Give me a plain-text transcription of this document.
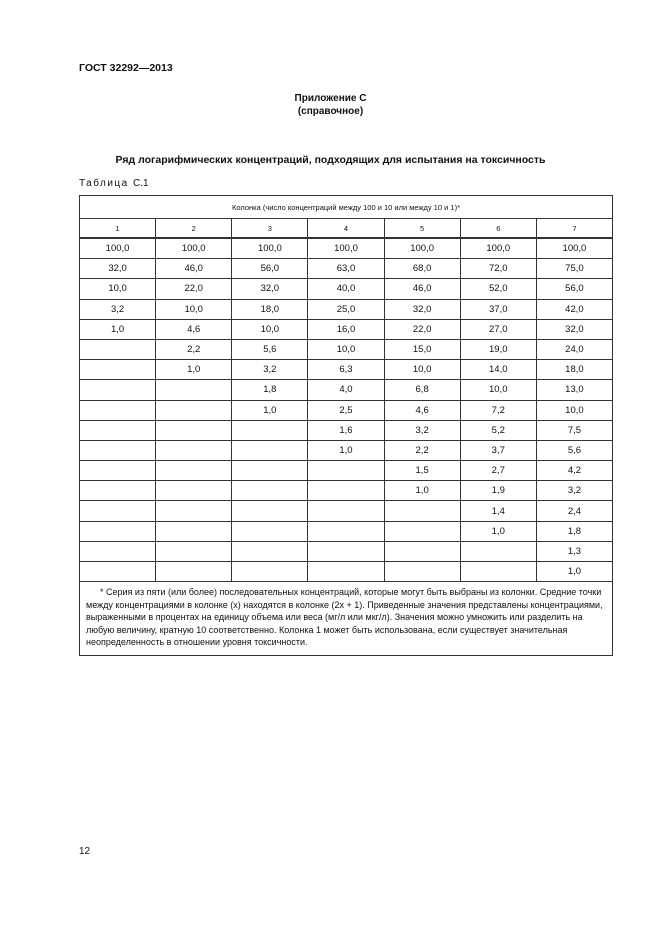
ГОСТ 32292—2013
Приложение С
(справочное)
Ряд логарифмических концентраций, подходящих для испытания на токсичность
Таблица С.1
Колонка (число концентраций между 100 и 10 или между 10 и 1)*						
1	2	3	4	5	6	7
100,0	100,0	100,0	100,0	100,0	100,0	100,0
32,0	46,0	56,0	63,0	68,0	72,0	75,0
10,0	22,0	32,0	40,0	46,0	52,0	56,0
3,2	10,0	18,0	25,0	32,0	37,0	42,0
1,0	4,6	10,0	16,0	22,0	27,0	32,0
	2,2	5,6	10,0	15,0	19,0	24,0
	1,0	3,2	6,3	10,0	14,0	18,0
		1,8	4,0	6,8	10,0	13,0
		1,0	2,5	4,6	7,2	10,0
			1,6	3,2	5,2	7,5
			1,0	2,2	3,7	5,6
				1,5	2,7	4,2
				1,0	1,9	3,2
					1,4	2,4
					1,0	1,8
						1,3
						1,0

* Серия из пяти (или более) последовательных концентраций, которые могут быть выбраны из колонки. Средние точки между концентрациями в колонке (x) находятся в колонке (2x + 1). Приведенные значения представлены концентрациями, выраженными в процентах на единицу объема или веса (мг/л или мкг/л). Значения можно умножить или разделить на любую величину, кратную 10 соответственно. Колонка 1 может быть использована, если существует значительная неопределенность в отношении уровня токсичности.						
12
